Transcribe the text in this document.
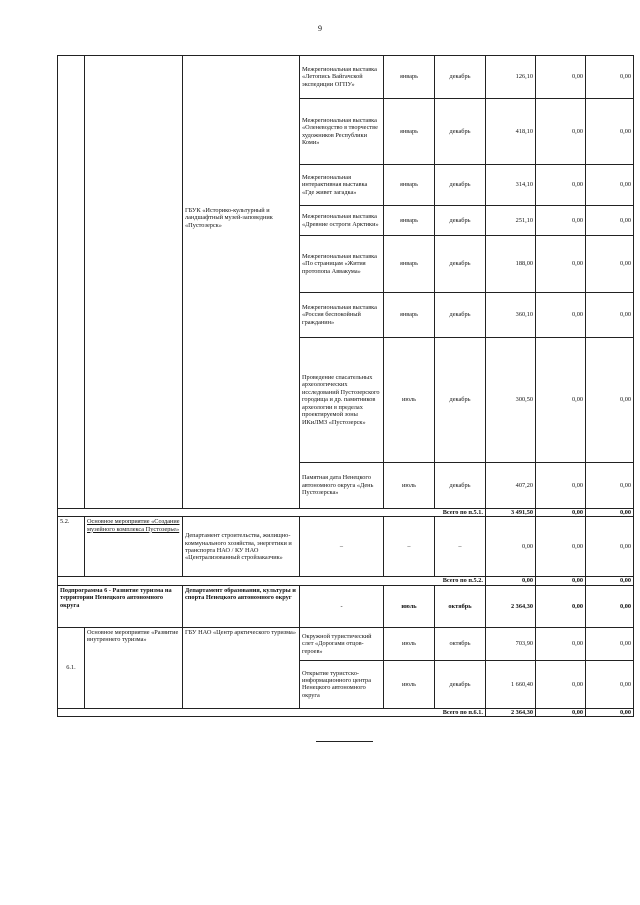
9

		ГБУК «Историко-культурный и ландшафтный музей-заповедник «Пустозерск»	Межрегиональная выставка «Летопись Вайгачской экспедиции ОГПУ»	январь	декабрь	126,10	0,00	0,00
			Межрегиональная выставка «Оленеводство в творчестве художников Республики Коми»	январь	декабрь	418,10	0,00	0,00
			Межрегиональная интерактивная выставка «Где живет загадка»	январь	декабрь	314,10	0,00	0,00
			Межрегиональная выставка «Древние остроги Арктики»	январь	декабрь	251,10	0,00	0,00
			Межрегиональная выставка «По страницам «Жития протопопа Аввакума»	январь	декабрь	188,00	0,00	0,00
			Межрегиональная выставка «Россия беспокойный гражданин»	январь	декабрь	360,10	0,00	0,00
			Проведение спасательных археологических исследований Пустозерского городища и др. памятников археологии в пределах проектируемой зоны ИКиЛМЗ «Пустозерск»	июль	декабрь	300,50	0,00	0,00
			Памятная дата Ненецкого автономного округа «День Пустозерска»	июль	декабрь	407,20	0,00	0,00
Всего по п.5.1.						3 491,50	0,00	0,00
5.2.	Основное мероприятие «Создание музейного комплекса Пустозерье»	Департамент строительства, жилищно-коммунального хозяйства, энергетики и транспорта НАО / КУ НАО «Централизованный стройзаказчик»	–	–	–	0,00	0,00	0,00
Всего по п.5.2.						0,00	0,00	0,00
Подпрограмма 6 - Развитие туризма на территории Ненецкого автономного округа		Департамент образования, культуры и спорта Ненецкого автономного округ	-	июль	октябрь	2 364,30	0,00	0,00
6.1.	Основное мероприятие «Развитие внутреннего туризма»	ГБУ НАО «Центр арктического туризма»	Окружной туристический слет «Дорогами отцов-героев»	июль	октябрь	703,90	0,00	0,00
			Открытие туристско-информационного центра Ненецкого автономного округа	июль	декабрь	1 660,40	0,00	0,00
Всего по п.6.1.						2 364,30	0,00	0,00
